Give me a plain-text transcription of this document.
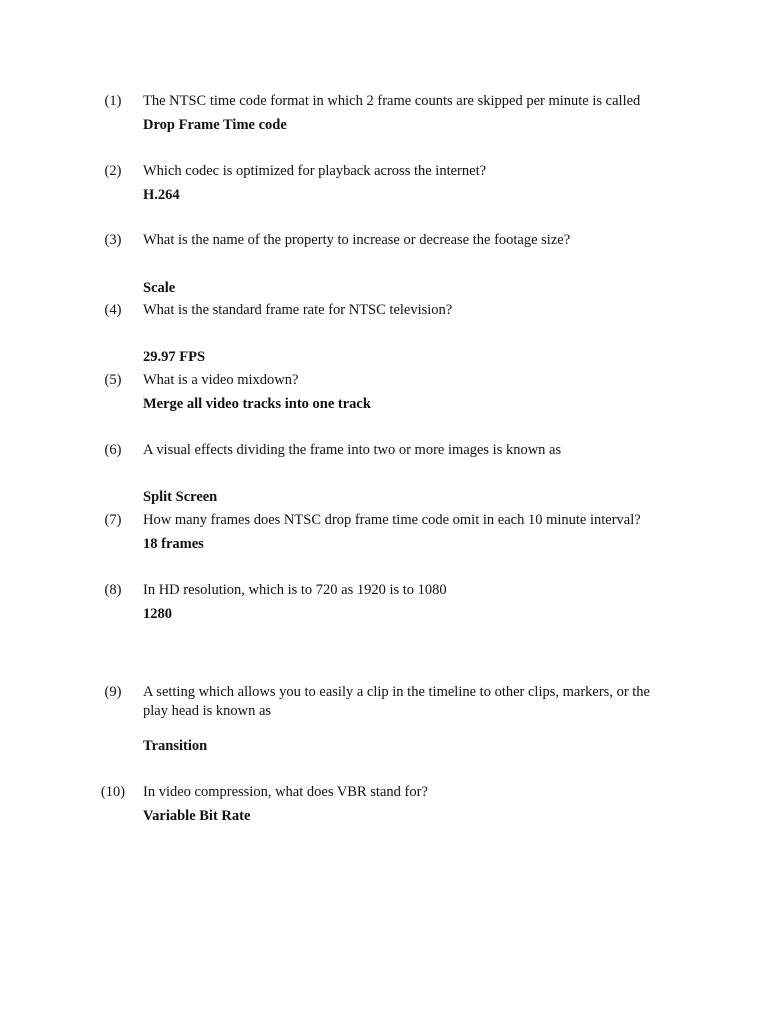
(1)	The NTSC time code format in which 2 frame counts are skipped per minute is called
Drop Frame Time code
(2)	Which codec is optimized for playback across the internet?
H.264
(3)	What is the name of the property to increase or decrease the footage size?
Scale
(4)	What is the standard frame rate for NTSC television?
29.97 FPS
(5)	What is a video mixdown?
Merge all video tracks into one track
(6)	A visual effects dividing the frame into two or more images is known as
Split Screen
(7)	How many frames does NTSC drop frame time code omit in each 10 minute interval?
18 frames
(8)	In HD resolution, which is to 720 as 1920 is to 1080
1280
(9)	A setting which allows you to easily a clip in the timeline to other clips, markers, or the play head is known as
Transition
(10)	In video compression, what does VBR stand for?
Variable Bit Rate
